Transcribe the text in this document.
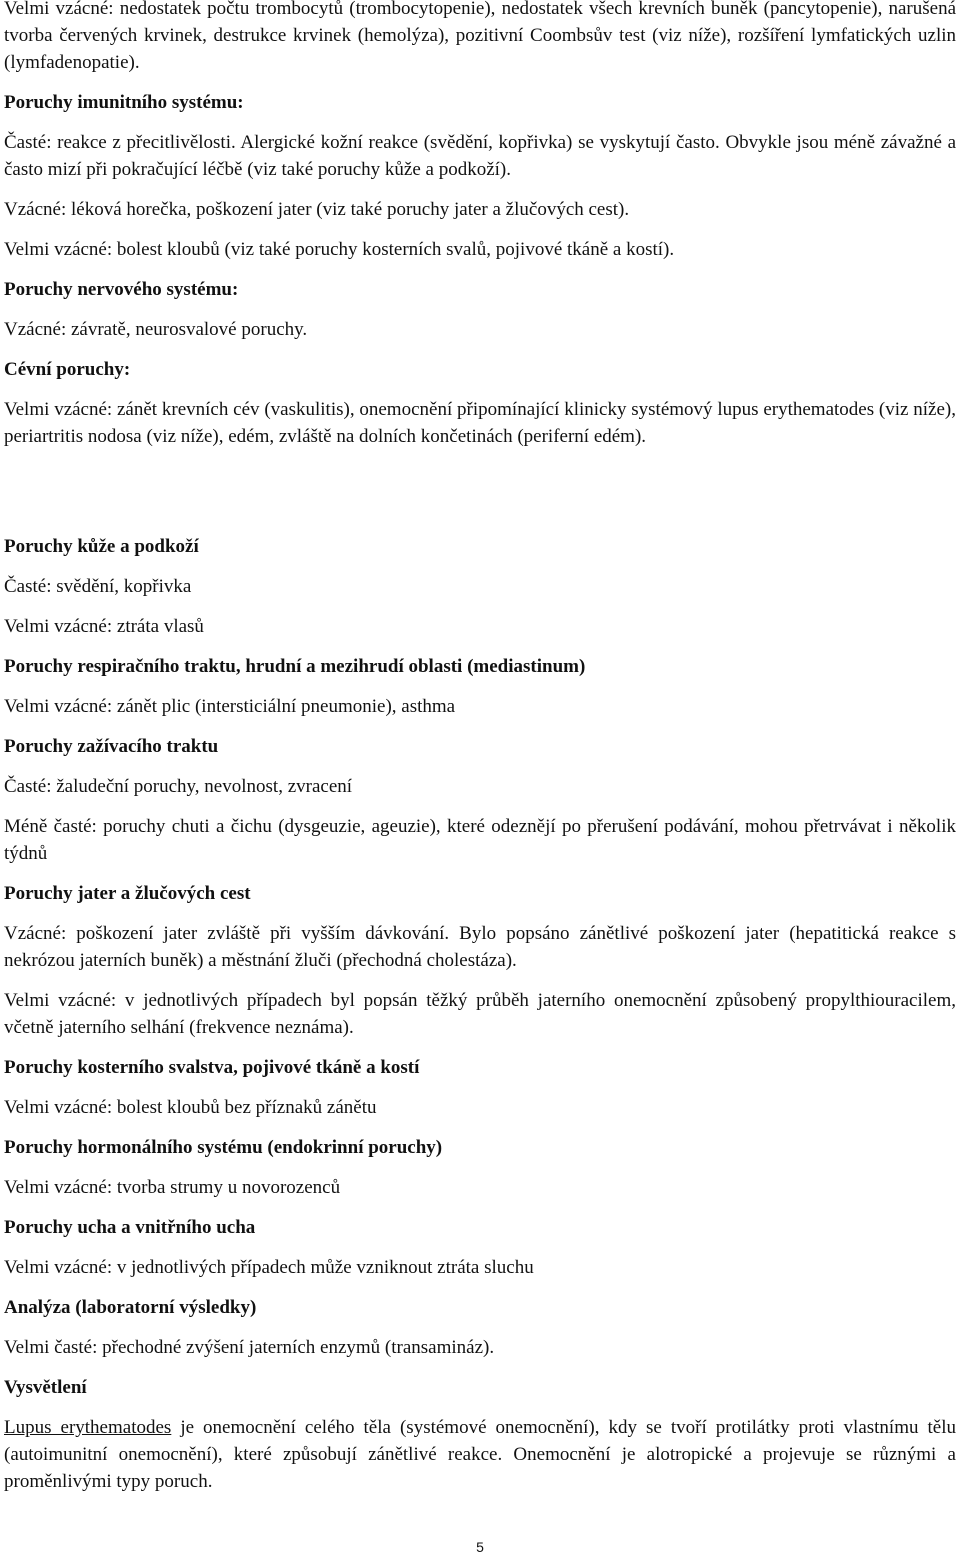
Velmi vzácné: nedostatek počtu trombocytů (trombocytopenie), nedostatek všech krevních buněk (pancytopenie), narušená tvorba červených krvinek, destrukce krvinek (hemolýza), pozitivní Coombsův test (viz níže), rozšíření lymfatických uzlin (lymfadenopatie).

Poruchy imunitního systému:

Časté: reakce z přecitlivělosti. Alergické kožní reakce (svědění, kopřivka) se vyskytují často. Obvykle jsou méně závažné a často mizí při pokračující léčbě (viz také poruchy kůže a podkoží).

Vzácné: léková horečka, poškození jater (viz také poruchy jater a žlučových cest).

Velmi vzácné: bolest kloubů (viz také poruchy kosterních svalů, pojivové tkáně a kostí).

Poruchy nervového systému:

Vzácné: závratě, neurosvalové poruchy.

Cévní poruchy:

Velmi vzácné: zánět krevních cév (vaskulitis), onemocnění připomínající klinicky systémový lupus erythematodes (viz níže), periartritis nodosa (viz níže), edém, zvláště na dolních končetinách (periferní edém).

Poruchy kůže a podkoží

Časté: svědění, kopřivka

Velmi vzácné: ztráta vlasů

Poruchy respiračního traktu, hrudní a mezihrudí oblasti (mediastinum)

Velmi vzácné: zánět plic (intersticiální pneumonie), asthma

Poruchy zažívacího traktu

Časté: žaludeční poruchy, nevolnost, zvracení

Méně časté: poruchy chuti a čichu (dysgeuzie, ageuzie), které odeznějí po přerušení podávání, mohou přetrvávat i několik týdnů

Poruchy jater a žlučových cest

Vzácné: poškození jater zvláště při vyšším dávkování. Bylo popsáno zánětlivé poškození jater (hepatitická reakce s nekrózou jaterních buněk) a městnání žluči (přechodná cholestáza).

Velmi vzácné: v jednotlivých případech byl popsán těžký průběh jaterního onemocnění způsobený propylthiouracilem, včetně jaterního selhání (frekvence neznáma).

Poruchy kosterního svalstva, pojivové tkáně a kostí

Velmi vzácné: bolest kloubů bez příznaků zánětu

Poruchy hormonálního systému (endokrinní poruchy)

Velmi vzácné: tvorba strumy u novorozenců

Poruchy ucha a vnitřního ucha

Velmi vzácné: v jednotlivých případech může vzniknout ztráta sluchu

Analýza (laboratorní výsledky)

Velmi časté: přechodné zvýšení jaterních enzymů (transamináz).

Vysvětlení

Lupus erythematodes je onemocnění celého těla (systémové onemocnění), kdy se tvoří protilátky proti vlastnímu tělu (autoimunitní onemocnění), které způsobují zánětlivé reakce. Onemocnění je alotropické a projevuje se různými a proměnlivými typy poruch.

5
